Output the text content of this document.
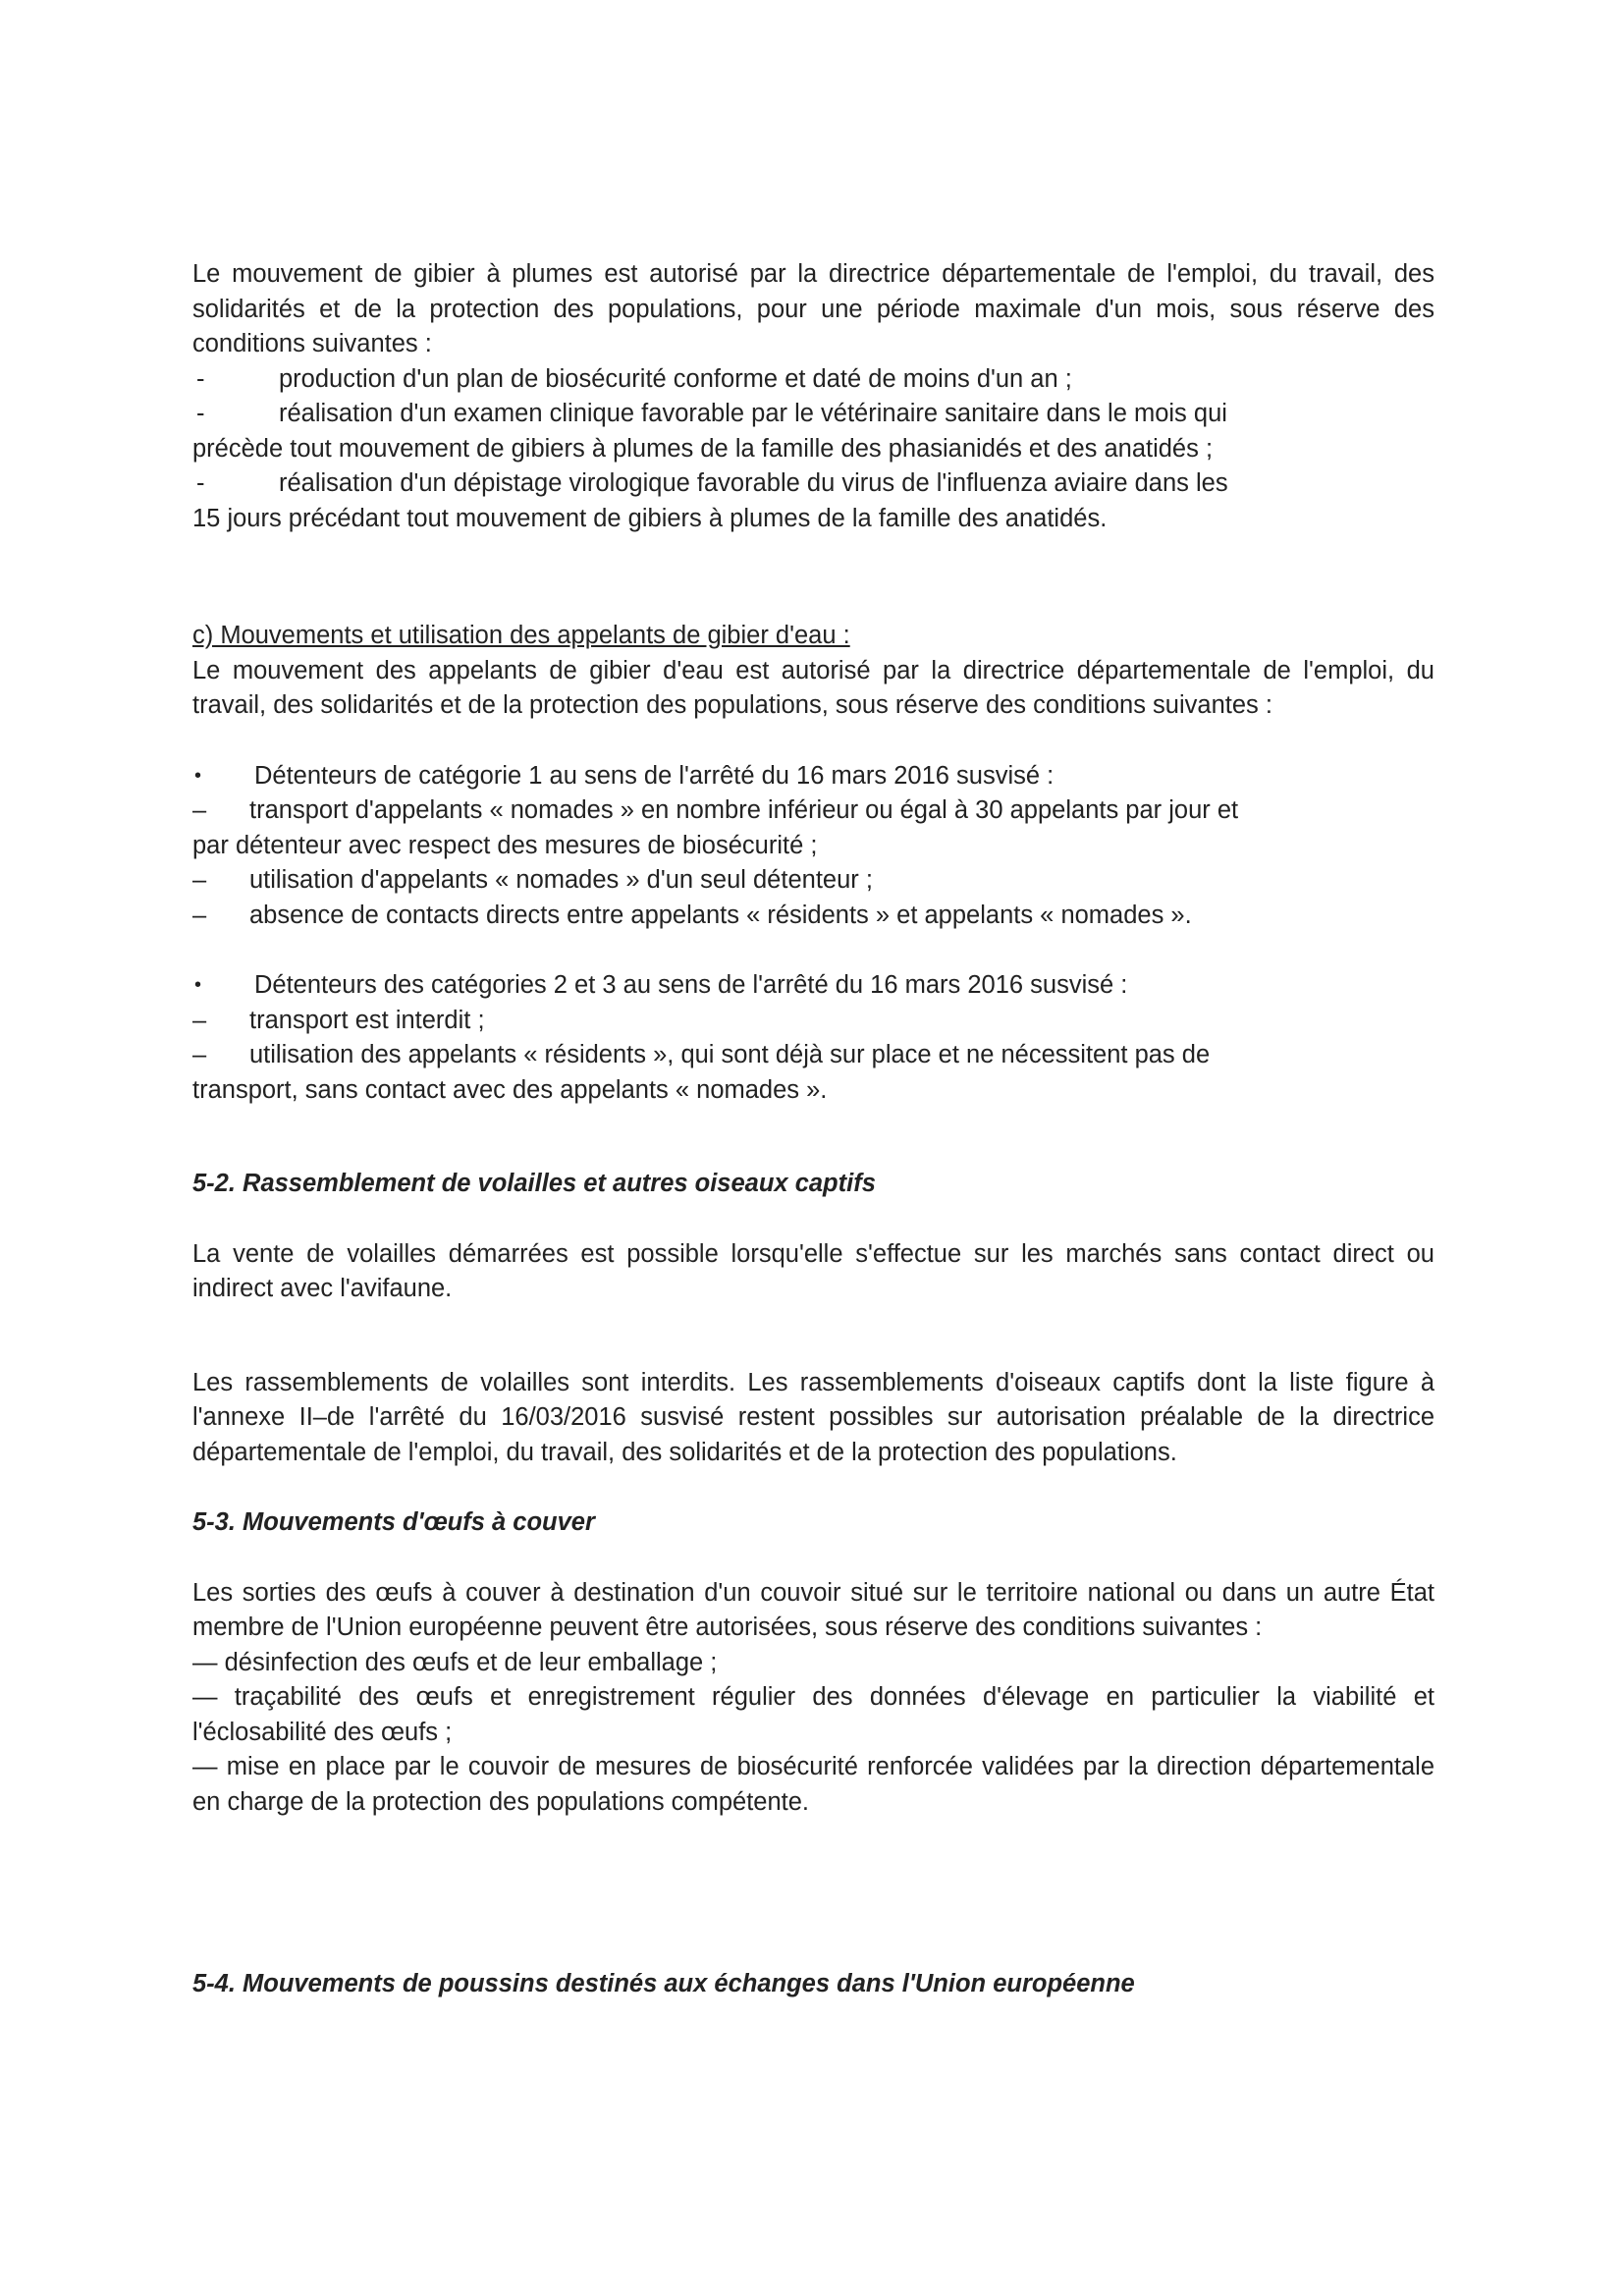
Le mouvement de gibier à plumes est autorisé par la directrice départementale de l'emploi, du travail, des solidarités et de la protection des populations, pour une période maximale d'un mois, sous réserve des conditions suivantes :

-	production d'un plan de biosécurité conforme et daté de moins d'un an ;
-	réalisation d'un examen clinique favorable par le vétérinaire sanitaire dans le mois qui

précède tout mouvement de gibiers à plumes de la famille des phasianidés et des anatidés ;

-	réalisation d'un dépistage virologique favorable du virus de l'influenza aviaire dans les

15 jours précédant tout mouvement de gibiers à plumes de la famille des anatidés.

c) Mouvements et utilisation des appelants de gibier d'eau :

Le mouvement des appelants de gibier d'eau est autorisé par la directrice départementale de l'emploi, du travail, des solidarités et de la protection des populations, sous réserve des conditions suivantes :

• Détenteurs de catégorie 1 au sens de l'arrêté du 16 mars 2016 susvisé :
– transport d'appelants « nomades » en nombre inférieur ou égal à 30 appelants par jour et

par détenteur avec respect des mesures de biosécurité ;

– utilisation d'appelants « nomades » d'un seul détenteur ;
– absence de contacts directs entre appelants « résidents » et appelants « nomades ».
• Détenteurs des catégories 2 et 3 au sens de l'arrêté du 16 mars 2016 susvisé :
– transport est interdit ;
– utilisation des appelants « résidents », qui sont déjà sur place et ne nécessitent pas de

transport, sans contact avec des appelants « nomades ».

5-2. Rassemblement de volailles et autres oiseaux captifs

La vente de volailles démarrées est possible lorsqu'elle s'effectue sur les marchés sans contact direct ou indirect avec l'avifaune.

Les rassemblements de volailles sont interdits. Les rassemblements d'oiseaux captifs dont la liste figure à l'annexe II–de l'arrêté du 16/03/2016 susvisé restent possibles sur autorisation préalable de la directrice départementale de l'emploi, du travail, des solidarités et de la protection des populations.

5-3. Mouvements d'œufs à couver

Les sorties des œufs à couver à destination d'un couvoir situé sur le territoire national ou dans un autre État membre de l'Union européenne peuvent être autorisées, sous réserve des conditions suivantes :

— désinfection des œufs et de leur emballage ;

— traçabilité des œufs et enregistrement régulier des données d'élevage en particulier la viabilité et l'éclosabilité des œufs ;

— mise en place par le couvoir de mesures de biosécurité renforcée validées par la direction départementale en charge de la protection des populations compétente.

5-4. Mouvements de poussins destinés aux échanges dans l'Union européenne
